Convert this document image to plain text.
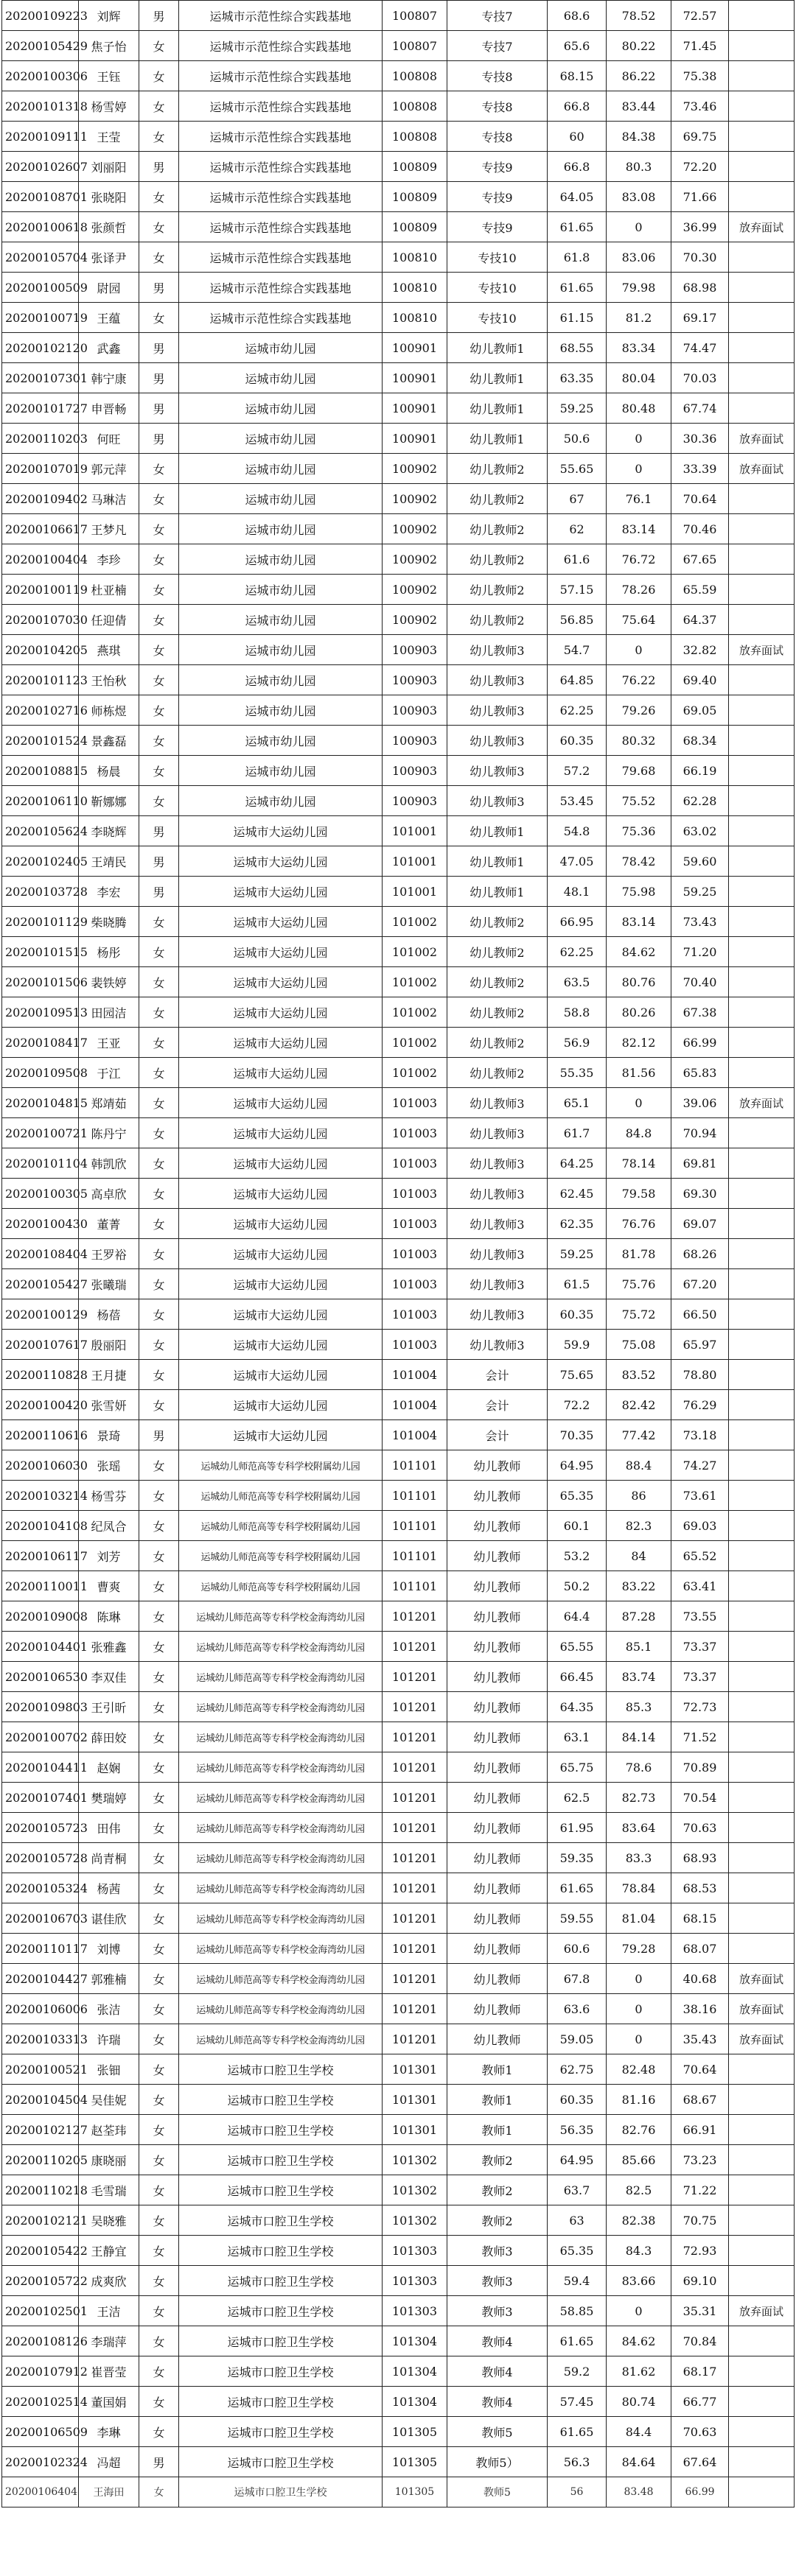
20200109223	刘辉	男	运城市示范性综合实践基地	100807	专技7	68.6	78.52	72.57	
20200105429	焦子怡	女	运城市示范性综合实践基地	100807	专技7	65.6	80.22	71.45	
20200100306	王钰	女	运城市示范性综合实践基地	100808	专技8	68.15	86.22	75.38	
20200101318	杨雪婷	女	运城市示范性综合实践基地	100808	专技8	66.8	83.44	73.46	
20200109111	王莹	女	运城市示范性综合实践基地	100808	专技8	60	84.38	69.75	
20200102607	刘丽阳	男	运城市示范性综合实践基地	100809	专技9	66.8	80.3	72.20	
20200108701	张晓阳	女	运城市示范性综合实践基地	100809	专技9	64.05	83.08	71.66	
20200100618	张颜哲	女	运城市示范性综合实践基地	100809	专技9	61.65	0	36.99	放弃面试
20200105704	张译尹	女	运城市示范性综合实践基地	100810	专技10	61.8	83.06	70.30	
20200100509	尉园	男	运城市示范性综合实践基地	100810	专技10	61.65	79.98	68.98	
20200100719	王蕴	女	运城市示范性综合实践基地	100810	专技10	61.15	81.2	69.17	
20200102120	武鑫	男	运城市幼儿园	100901	幼儿教师1	68.55	83.34	74.47	
20200107301	韩宁康	男	运城市幼儿园	100901	幼儿教师1	63.35	80.04	70.03	
20200101727	申晋畅	男	运城市幼儿园	100901	幼儿教师1	59.25	80.48	67.74	
20200110203	何旺	男	运城市幼儿园	100901	幼儿教师1	50.6	0	30.36	放弃面试
20200107019	郭元萍	女	运城市幼儿园	100902	幼儿教师2	55.65	0	33.39	放弃面试
20200109402	马琳洁	女	运城市幼儿园	100902	幼儿教师2	67	76.1	70.64	
20200106617	王梦凡	女	运城市幼儿园	100902	幼儿教师2	62	83.14	70.46	
20200100404	李珍	女	运城市幼儿园	100902	幼儿教师2	61.6	76.72	67.65	
20200100119	杜亚楠	女	运城市幼儿园	100902	幼儿教师2	57.15	78.26	65.59	
20200107030	任迎倩	女	运城市幼儿园	100902	幼儿教师2	56.85	75.64	64.37	
20200104205	燕琪	女	运城市幼儿园	100903	幼儿教师3	54.7	0	32.82	放弃面试
20200101123	王怡秋	女	运城市幼儿园	100903	幼儿教师3	64.85	76.22	69.40	
20200102716	师栋煜	女	运城市幼儿园	100903	幼儿教师3	62.25	79.26	69.05	
20200101524	景鑫磊	女	运城市幼儿园	100903	幼儿教师3	60.35	80.32	68.34	
20200108815	杨晨	女	运城市幼儿园	100903	幼儿教师3	57.2	79.68	66.19	
20200106110	靳娜娜	女	运城市幼儿园	100903	幼儿教师3	53.45	75.52	62.28	
20200105624	李晓辉	男	运城市大运幼儿园	101001	幼儿教师1	54.8	75.36	63.02	
20200102405	王靖民	男	运城市大运幼儿园	101001	幼儿教师1	47.05	78.42	59.60	
20200103728	李宏	男	运城市大运幼儿园	101001	幼儿教师1	48.1	75.98	59.25	
20200101129	柴晓腾	女	运城市大运幼儿园	101002	幼儿教师2	66.95	83.14	73.43	
20200101515	杨彤	女	运城市大运幼儿园	101002	幼儿教师2	62.25	84.62	71.20	
20200101506	裴铁婷	女	运城市大运幼儿园	101002	幼儿教师2	63.5	80.76	70.40	
20200109513	田园洁	女	运城市大运幼儿园	101002	幼儿教师2	58.8	80.26	67.38	
20200108417	王亚	女	运城市大运幼儿园	101002	幼儿教师2	56.9	82.12	66.99	
20200109508	于江	女	运城市大运幼儿园	101002	幼儿教师2	55.35	81.56	65.83	
20200104815	郑靖茹	女	运城市大运幼儿园	101003	幼儿教师3	65.1	0	39.06	放弃面试
20200100721	陈丹宁	女	运城市大运幼儿园	101003	幼儿教师3	61.7	84.8	70.94	
20200101104	韩凯欣	女	运城市大运幼儿园	101003	幼儿教师3	64.25	78.14	69.81	
20200100305	高卓欣	女	运城市大运幼儿园	101003	幼儿教师3	62.45	79.58	69.30	
20200100430	董菁	女	运城市大运幼儿园	101003	幼儿教师3	62.35	76.76	69.07	
20200108404	王罗裕	女	运城市大运幼儿园	101003	幼儿教师3	59.25	81.78	68.26	
20200105427	张曦瑞	女	运城市大运幼儿园	101003	幼儿教师3	61.5	75.76	67.20	
20200100129	杨蓓	女	运城市大运幼儿园	101003	幼儿教师3	60.35	75.72	66.50	
20200107617	殷丽阳	女	运城市大运幼儿园	101003	幼儿教师3	59.9	75.08	65.97	
20200110828	王月捷	女	运城市大运幼儿园	101004	会计	75.65	83.52	78.80	
20200100420	张雪妍	女	运城市大运幼儿园	101004	会计	72.2	82.42	76.29	
20200110616	景琦	男	运城市大运幼儿园	101004	会计	70.35	77.42	73.18	
20200106030	张瑶	女	运城幼儿师范高等专科学校附属幼儿园	101101	幼儿教师	64.95	88.4	74.27	
20200103214	杨雪芬	女	运城幼儿师范高等专科学校附属幼儿园	101101	幼儿教师	65.35	86	73.61	
20200104108	纪凤合	女	运城幼儿师范高等专科学校附属幼儿园	101101	幼儿教师	60.1	82.3	69.03	
20200106117	刘芳	女	运城幼儿师范高等专科学校附属幼儿园	101101	幼儿教师	53.2	84	65.52	
20200110011	曹爽	女	运城幼儿师范高等专科学校附属幼儿园	101101	幼儿教师	50.2	83.22	63.41	
20200109008	陈琳	女	运城幼儿师范高等专科学校金海湾幼儿园	101201	幼儿教师	64.4	87.28	73.55	
20200104401	张雅鑫	女	运城幼儿师范高等专科学校金海湾幼儿园	101201	幼儿教师	65.55	85.1	73.37	
20200106530	李双佳	女	运城幼儿师范高等专科学校金海湾幼儿园	101201	幼儿教师	66.45	83.74	73.37	
20200109803	王引昕	女	运城幼儿师范高等专科学校金海湾幼儿园	101201	幼儿教师	64.35	85.3	72.73	
20200100702	薛田姣	女	运城幼儿师范高等专科学校金海湾幼儿园	101201	幼儿教师	63.1	84.14	71.52	
20200104411	赵娴	女	运城幼儿师范高等专科学校金海湾幼儿园	101201	幼儿教师	65.75	78.6	70.89	
20200107401	樊瑞婷	女	运城幼儿师范高等专科学校金海湾幼儿园	101201	幼儿教师	62.5	82.73	70.54	
20200105723	田伟	女	运城幼儿师范高等专科学校金海湾幼儿园	101201	幼儿教师	61.95	83.64	70.63	
20200105728	尚青桐	女	运城幼儿师范高等专科学校金海湾幼儿园	101201	幼儿教师	59.35	83.3	68.93	
20200105324	杨茜	女	运城幼儿师范高等专科学校金海湾幼儿园	101201	幼儿教师	61.65	78.84	68.53	
20200106703	谌佳欣	女	运城幼儿师范高等专科学校金海湾幼儿园	101201	幼儿教师	59.55	81.04	68.15	
20200110117	刘博	女	运城幼儿师范高等专科学校金海湾幼儿园	101201	幼儿教师	60.6	79.28	68.07	
20200104427	郭雅楠	女	运城幼儿师范高等专科学校金海湾幼儿园	101201	幼儿教师	67.8	0	40.68	放弃面试
20200106006	张洁	女	运城幼儿师范高等专科学校金海湾幼儿园	101201	幼儿教师	63.6	0	38.16	放弃面试
20200103313	许瑞	女	运城幼儿师范高等专科学校金海湾幼儿园	101201	幼儿教师	59.05	0	35.43	放弃面试
20200100521	张钿	女	运城市口腔卫生学校	101301	教师1	62.75	82.48	70.64	
20200104504	吴佳妮	女	运城市口腔卫生学校	101301	教师1	60.35	81.16	68.67	
20200102127	赵荃玮	女	运城市口腔卫生学校	101301	教师1	56.35	82.76	66.91	
20200110205	康晓丽	女	运城市口腔卫生学校	101302	教师2	64.95	85.66	73.23	
20200110218	毛雪瑞	女	运城市口腔卫生学校	101302	教师2	63.7	82.5	71.22	
20200102121	吴晓雅	女	运城市口腔卫生学校	101302	教师2	63	82.38	70.75	
20200105422	王静宜	女	运城市口腔卫生学校	101303	教师3	65.35	84.3	72.93	
20200105722	成爽欣	女	运城市口腔卫生学校	101303	教师3	59.4	83.66	69.10	
20200102501	王洁	女	运城市口腔卫生学校	101303	教师3	58.85	0	35.31	放弃面试
20200108126	李瑞萍	女	运城市口腔卫生学校	101304	教师4	61.65	84.62	70.84	
20200107912	崔晋莹	女	运城市口腔卫生学校	101304	教师4	59.2	81.62	68.17	
20200102514	董国娟	女	运城市口腔卫生学校	101304	教师4	57.45	80.74	66.77	
20200106509	李琳	女	运城市口腔卫生学校	101305	教师5	61.65	84.4	70.63	
20200102324	冯超	男	运城市口腔卫生学校	101305	教师5）	56.3	84.64	67.64	
20200106404	王海田	女	运城市口腔卫生学校	101305	教师5	56	83.48	66.99	
